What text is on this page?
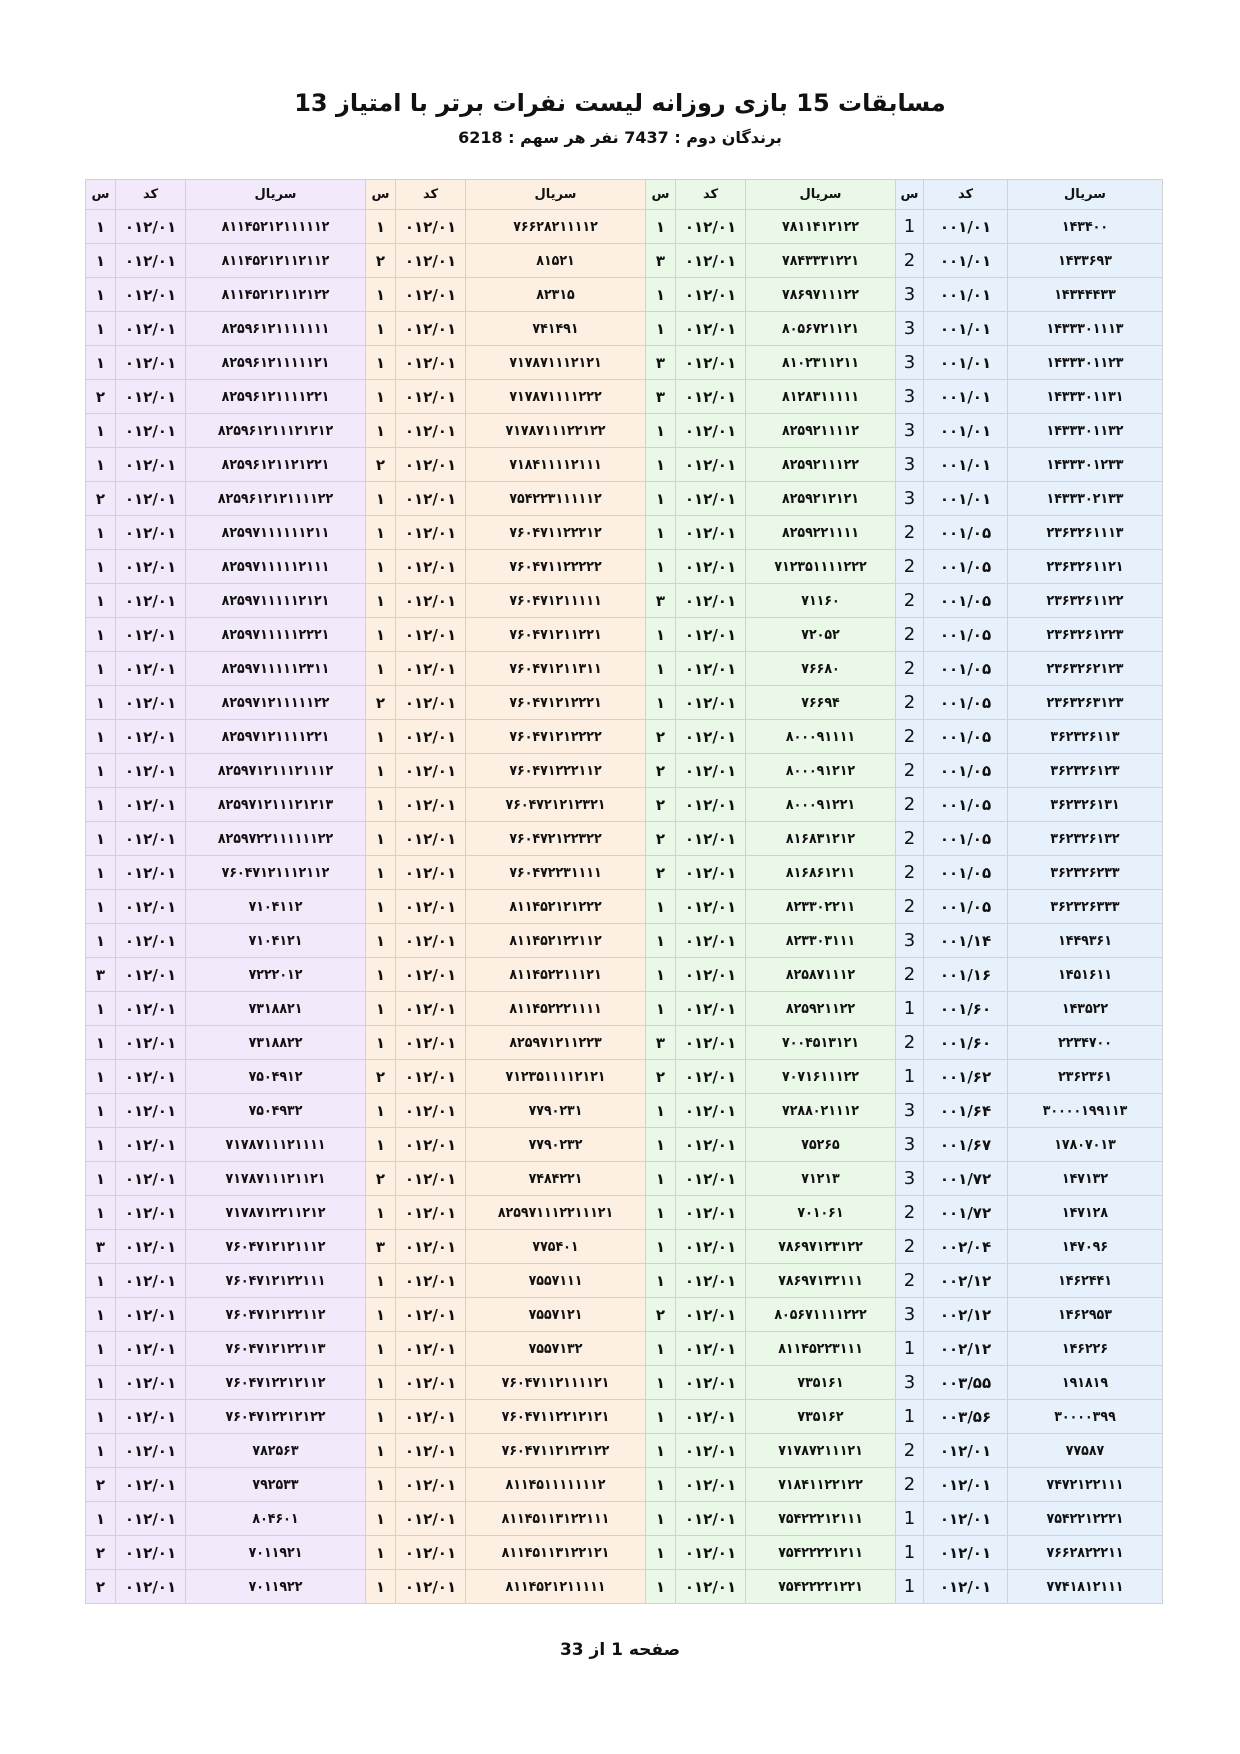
مسابقات 15 بازی روزانه لیست نفرات برتر با امتیاز 13
برندگان دوم : 7437 نفر هر سهم : 6218
س	کد	سریال	س	کد	سریال	س	کد	سریال	س	کد	سریال
۱	۰۱۲/۰۱	۸۱۱۴۵۲۱۲۱۱۱۱۱۲	۱	۰۱۲/۰۱	۷۶۶۲۸۲۱۱۱۱۲	۱	۰۱۲/۰۱	۷۸۱۱۴۱۲۱۲۲	1	۰۰۱/۰۱	۱۴۳۴۰۰
۱	۰۱۲/۰۱	۸۱۱۴۵۲۱۲۱۱۲۱۱۲	۲	۰۱۲/۰۱	۸۱۵۲۱	۳	۰۱۲/۰۱	۷۸۴۳۳۳۱۲۲۱	2	۰۰۱/۰۱	۱۴۳۳۶۹۳
۱	۰۱۲/۰۱	۸۱۱۴۵۲۱۲۱۱۲۱۲۲	۱	۰۱۲/۰۱	۸۲۳۱۵	۱	۰۱۲/۰۱	۷۸۶۹۷۱۱۱۲۲	3	۰۰۱/۰۱	۱۴۳۴۴۴۳۳
۱	۰۱۲/۰۱	۸۲۵۹۶۱۲۱۱۱۱۱۱۱	۱	۰۱۲/۰۱	۷۴۱۴۹۱	۱	۰۱۲/۰۱	۸۰۵۶۷۲۱۱۲۱	3	۰۰۱/۰۱	۱۴۳۳۳۰۱۱۱۳
۱	۰۱۲/۰۱	۸۲۵۹۶۱۲۱۱۱۱۱۲۱	۱	۰۱۲/۰۱	۷۱۷۸۷۱۱۱۲۱۲۱	۳	۰۱۲/۰۱	۸۱۰۲۳۱۱۲۱۱	3	۰۰۱/۰۱	۱۴۳۳۳۰۱۱۲۳
۲	۰۱۲/۰۱	۸۲۵۹۶۱۲۱۱۱۱۲۲۱	۱	۰۱۲/۰۱	۷۱۷۸۷۱۱۱۱۲۲۲	۳	۰۱۲/۰۱	۸۱۲۸۳۱۱۱۱۱	3	۰۰۱/۰۱	۱۴۳۳۳۰۱۱۳۱
۱	۰۱۲/۰۱	۸۲۵۹۶۱۲۱۱۱۲۱۲۱۲	۱	۰۱۲/۰۱	۷۱۷۸۷۱۱۱۲۲۱۲۲	۱	۰۱۲/۰۱	۸۲۵۹۲۱۱۱۱۲	3	۰۰۱/۰۱	۱۴۳۳۳۰۱۱۳۲
۱	۰۱۲/۰۱	۸۲۵۹۶۱۲۱۱۲۱۲۲۱	۲	۰۱۲/۰۱	۷۱۸۴۱۱۱۱۲۱۱۱	۱	۰۱۲/۰۱	۸۲۵۹۲۱۱۱۲۲	3	۰۰۱/۰۱	۱۴۳۳۳۰۱۲۳۳
۲	۰۱۲/۰۱	۸۲۵۹۶۱۲۱۲۱۱۱۱۲۲	۱	۰۱۲/۰۱	۷۵۴۲۲۳۱۱۱۱۱۲	۱	۰۱۲/۰۱	۸۲۵۹۲۱۲۱۲۱	3	۰۰۱/۰۱	۱۴۳۳۳۰۲۱۳۳
۱	۰۱۲/۰۱	۸۲۵۹۷۱۱۱۱۱۱۲۱۱	۱	۰۱۲/۰۱	۷۶۰۴۷۱۱۲۲۲۱۲	۱	۰۱۲/۰۱	۸۲۵۹۲۲۱۱۱۱	2	۰۰۱/۰۵	۲۳۶۳۲۶۱۱۱۳
۱	۰۱۲/۰۱	۸۲۵۹۷۱۱۱۱۱۲۱۱۱	۱	۰۱۲/۰۱	۷۶۰۴۷۱۱۲۲۲۲۲	۱	۰۱۲/۰۱	۷۱۲۳۵۱۱۱۱۲۲۲	2	۰۰۱/۰۵	۲۳۶۳۲۶۱۱۲۱
۱	۰۱۲/۰۱	۸۲۵۹۷۱۱۱۱۱۲۱۲۱	۱	۰۱۲/۰۱	۷۶۰۴۷۱۲۱۱۱۱۱	۳	۰۱۲/۰۱	۷۱۱۶۰	2	۰۰۱/۰۵	۲۳۶۳۲۶۱۱۲۲
۱	۰۱۲/۰۱	۸۲۵۹۷۱۱۱۱۱۲۲۲۱	۱	۰۱۲/۰۱	۷۶۰۴۷۱۲۱۱۲۲۱	۱	۰۱۲/۰۱	۷۲۰۵۲	2	۰۰۱/۰۵	۲۳۶۳۲۶۱۲۲۳
۱	۰۱۲/۰۱	۸۲۵۹۷۱۱۱۱۱۲۳۱۱	۱	۰۱۲/۰۱	۷۶۰۴۷۱۲۱۱۳۱۱	۱	۰۱۲/۰۱	۷۶۶۸۰	2	۰۰۱/۰۵	۲۳۶۳۲۶۲۱۲۳
۱	۰۱۲/۰۱	۸۲۵۹۷۱۲۱۱۱۱۱۲۲	۲	۰۱۲/۰۱	۷۶۰۴۷۱۲۱۲۲۲۱	۱	۰۱۲/۰۱	۷۶۶۹۴	2	۰۰۱/۰۵	۲۳۶۳۲۶۳۱۲۳
۱	۰۱۲/۰۱	۸۲۵۹۷۱۲۱۱۱۱۲۲۱	۱	۰۱۲/۰۱	۷۶۰۴۷۱۲۱۲۲۲۲	۲	۰۱۲/۰۱	۸۰۰۰۹۱۱۱۱	2	۰۰۱/۰۵	۳۶۲۳۲۶۱۱۳
۱	۰۱۲/۰۱	۸۲۵۹۷۱۲۱۱۱۲۱۱۱۲	۱	۰۱۲/۰۱	۷۶۰۴۷۱۲۲۲۱۱۲	۲	۰۱۲/۰۱	۸۰۰۰۹۱۲۱۲	2	۰۰۱/۰۵	۳۶۲۳۲۶۱۲۳
۱	۰۱۲/۰۱	۸۲۵۹۷۱۲۱۱۱۲۱۲۱۳	۱	۰۱۲/۰۱	۷۶۰۴۷۲۱۲۱۲۳۲۱	۲	۰۱۲/۰۱	۸۰۰۰۹۱۲۲۱	2	۰۰۱/۰۵	۳۶۲۳۲۶۱۳۱
۱	۰۱۲/۰۱	۸۲۵۹۷۲۲۱۱۱۱۱۱۲۲	۱	۰۱۲/۰۱	۷۶۰۴۷۲۱۲۲۳۲۲	۲	۰۱۲/۰۱	۸۱۶۸۳۱۲۱۲	2	۰۰۱/۰۵	۳۶۲۳۲۶۱۳۲
۱	۰۱۲/۰۱	۷۶۰۴۷۱۲۱۱۱۲۱۱۲	۱	۰۱۲/۰۱	۷۶۰۴۷۲۲۳۱۱۱۱	۲	۰۱۲/۰۱	۸۱۶۸۶۱۲۱۱	2	۰۰۱/۰۵	۳۶۲۳۲۶۲۳۳
۱	۰۱۲/۰۱	۷۱۰۴۱۱۲	۱	۰۱۲/۰۱	۸۱۱۴۵۲۱۲۱۲۲۲	۱	۰۱۲/۰۱	۸۲۳۳۰۲۲۱۱	2	۰۰۱/۰۵	۳۶۲۳۲۶۳۳۳
۱	۰۱۲/۰۱	۷۱۰۴۱۲۱	۱	۰۱۲/۰۱	۸۱۱۴۵۲۱۲۲۱۱۲	۱	۰۱۲/۰۱	۸۲۳۳۰۳۱۱۱	3	۰۰۱/۱۴	۱۴۴۹۳۶۱
۳	۰۱۲/۰۱	۷۲۲۲۰۱۲	۱	۰۱۲/۰۱	۸۱۱۴۵۲۲۱۱۱۲۱	۱	۰۱۲/۰۱	۸۲۵۸۷۱۱۱۲	2	۰۰۱/۱۶	۱۴۵۱۶۱۱
۱	۰۱۲/۰۱	۷۳۱۸۸۲۱	۱	۰۱۲/۰۱	۸۱۱۴۵۲۲۲۱۱۱۱	۱	۰۱۲/۰۱	۸۲۵۹۲۱۱۲۲	1	۰۰۱/۶۰	۱۴۳۵۲۲
۱	۰۱۲/۰۱	۷۳۱۸۸۲۲	۱	۰۱۲/۰۱	۸۲۵۹۷۱۲۱۱۲۲۳	۳	۰۱۲/۰۱	۷۰۰۴۵۱۳۱۲۱	2	۰۰۱/۶۰	۲۲۳۴۷۰۰
۱	۰۱۲/۰۱	۷۵۰۴۹۱۲	۲	۰۱۲/۰۱	۷۱۲۳۵۱۱۱۱۲۱۲۱	۲	۰۱۲/۰۱	۷۰۷۱۶۱۱۱۲۲	1	۰۰۱/۶۲	۲۳۶۲۳۶۱
۱	۰۱۲/۰۱	۷۵۰۴۹۳۲	۱	۰۱۲/۰۱	۷۷۹۰۲۳۱	۱	۰۱۲/۰۱	۷۲۸۸۰۲۱۱۱۲	3	۰۰۱/۶۴	۳۰۰۰۰۱۹۹۱۱۳
۱	۰۱۲/۰۱	۷۱۷۸۷۱۱۱۲۱۱۱۱	۱	۰۱۲/۰۱	۷۷۹۰۲۳۲	۱	۰۱۲/۰۱	۷۵۲۶۵	3	۰۰۱/۶۷	۱۷۸۰۷۰۱۳
۱	۰۱۲/۰۱	۷۱۷۸۷۱۱۱۲۱۱۲۱	۲	۰۱۲/۰۱	۷۴۸۴۲۲۱	۱	۰۱۲/۰۱	۷۱۲۱۳	3	۰۰۱/۷۲	۱۴۷۱۳۲
۱	۰۱۲/۰۱	۷۱۷۸۷۱۲۲۱۱۲۱۲	۱	۰۱۲/۰۱	۸۲۵۹۷۱۱۱۲۲۱۱۱۲۱	۱	۰۱۲/۰۱	۷۰۱۰۶۱	2	۰۰۱/۷۲	۱۴۷۱۲۸
۳	۰۱۲/۰۱	۷۶۰۴۷۱۲۱۲۱۱۱۲	۳	۰۱۲/۰۱	۷۷۵۴۰۱	۱	۰۱۲/۰۱	۷۸۶۹۷۱۲۳۱۲۲	2	۰۰۲/۰۴	۱۴۷۰۹۶
۱	۰۱۲/۰۱	۷۶۰۴۷۱۲۱۲۲۱۱۱	۱	۰۱۲/۰۱	۷۵۵۷۱۱۱	۱	۰۱۲/۰۱	۷۸۶۹۷۱۳۲۱۱۱	2	۰۰۲/۱۲	۱۴۶۲۴۴۱
۱	۰۱۲/۰۱	۷۶۰۴۷۱۲۱۲۲۱۱۲	۱	۰۱۲/۰۱	۷۵۵۷۱۲۱	۲	۰۱۲/۰۱	۸۰۵۶۷۱۱۱۱۲۲۲	3	۰۰۲/۱۲	۱۴۶۲۹۵۳
۱	۰۱۲/۰۱	۷۶۰۴۷۱۲۱۲۲۱۱۳	۱	۰۱۲/۰۱	۷۵۵۷۱۳۲	۱	۰۱۲/۰۱	۸۱۱۴۵۲۲۳۱۱۱	1	۰۰۲/۱۲	۱۴۶۲۲۶
۱	۰۱۲/۰۱	۷۶۰۴۷۱۲۲۱۲۱۱۲	۱	۰۱۲/۰۱	۷۶۰۴۷۱۱۲۱۱۱۱۲۱	۱	۰۱۲/۰۱	۷۳۵۱۶۱	3	۰۰۳/۵۵	۱۹۱۸۱۹
۱	۰۱۲/۰۱	۷۶۰۴۷۱۲۲۱۲۱۲۲	۱	۰۱۲/۰۱	۷۶۰۴۷۱۱۲۲۱۲۱۲۱	۱	۰۱۲/۰۱	۷۳۵۱۶۲	1	۰۰۳/۵۶	۳۰۰۰۰۳۹۹
۱	۰۱۲/۰۱	۷۸۲۵۶۳	۱	۰۱۲/۰۱	۷۶۰۴۷۱۱۲۱۲۲۱۲۲	۱	۰۱۲/۰۱	۷۱۷۸۷۲۱۱۱۲۱	2	۰۱۲/۰۱	۷۷۵۸۷
۲	۰۱۲/۰۱	۷۹۲۵۳۳	۱	۰۱۲/۰۱	۸۱۱۴۵۱۱۱۱۱۱۱۲	۱	۰۱۲/۰۱	۷۱۸۴۱۱۲۲۱۲۲	2	۰۱۲/۰۱	۷۴۷۲۱۲۲۱۱۱
۱	۰۱۲/۰۱	۸۰۴۶۰۱	۱	۰۱۲/۰۱	۸۱۱۴۵۱۱۳۱۲۲۱۱۱	۱	۰۱۲/۰۱	۷۵۴۲۲۲۱۲۱۱۱	1	۰۱۲/۰۱	۷۵۴۲۲۱۲۲۲۱
۲	۰۱۲/۰۱	۷۰۱۱۹۲۱	۱	۰۱۲/۰۱	۸۱۱۴۵۱۱۳۱۲۲۱۲۱	۱	۰۱۲/۰۱	۷۵۴۲۲۲۲۱۲۱۱	1	۰۱۲/۰۱	۷۶۶۲۸۲۲۲۱۱
۲	۰۱۲/۰۱	۷۰۱۱۹۲۲	۱	۰۱۲/۰۱	۸۱۱۴۵۲۱۲۱۱۱۱۱	۱	۰۱۲/۰۱	۷۵۴۲۲۲۲۱۲۲۱	1	۰۱۲/۰۱	۷۷۴۱۸۱۲۱۱۱
صفحه 1 از 33
